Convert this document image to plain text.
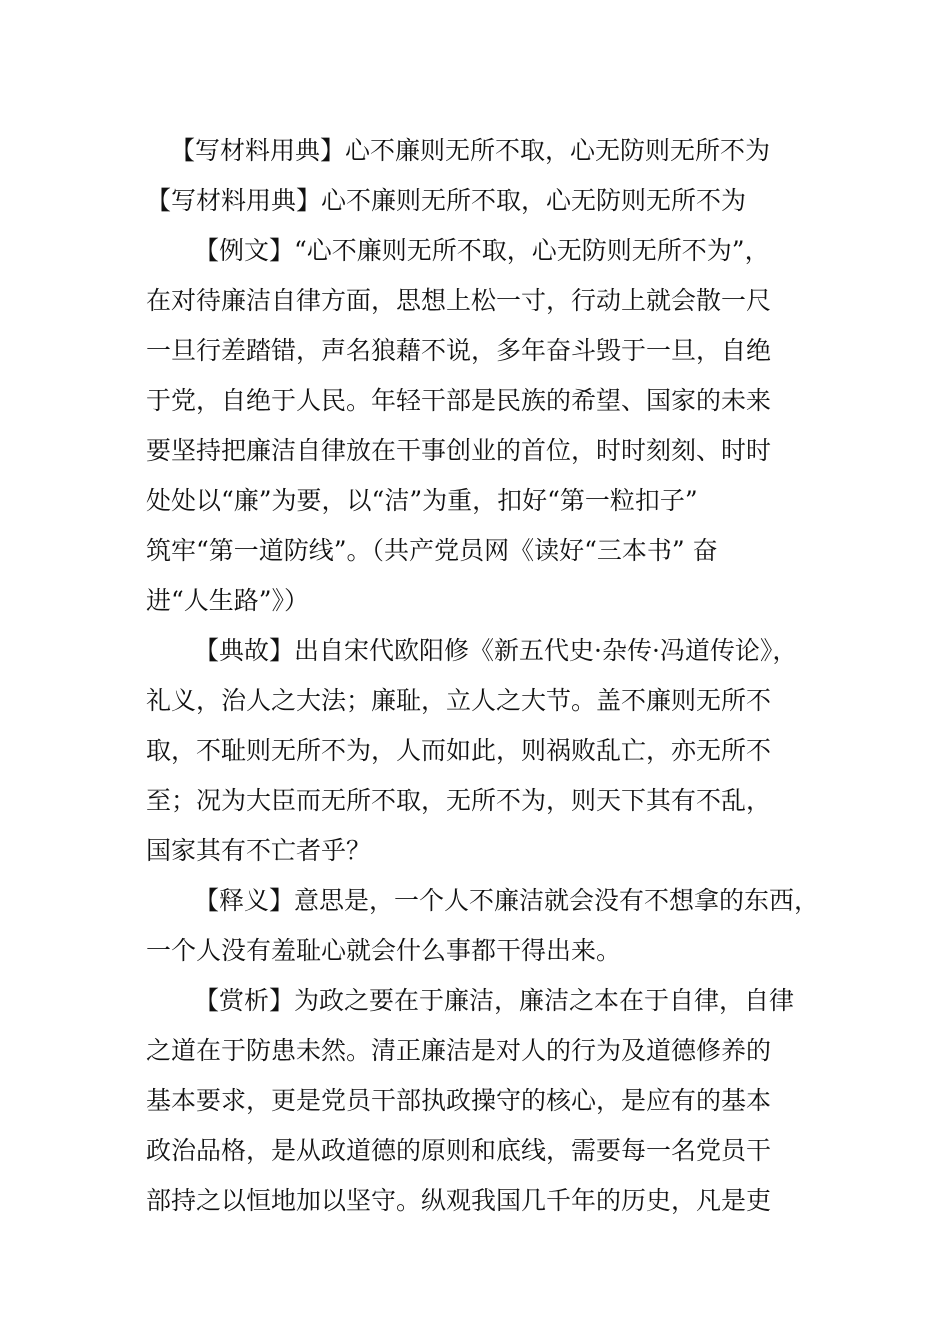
【写材料用典】心不廉则无所不取，心无防则无所不为
【写材料用典】心不廉则无所不取，心无防则无所不为
【例文】“心不廉则无所不取，心无防则无所不为”，
在对待廉洁自律方面，思想上松一寸，行动上就会散一尺
一旦行差踏错，声名狼藉不说，多年奋斗毁于一旦，自绝
于党，自绝于人民。年轻干部是民族的希望、国家的未来
要坚持把廉洁自律放在干事创业的首位，时时刻刻、时时
处处以“廉”为要，以“洁”为重，扣好“第一粒扣子”
筑牢“第一道防线”。（共产党员网《读好“三本书” 奋
进“人生路”》）
【典故】出自宋代欧阳修《新五代史·杂传·冯道传论》，
礼义，治人之大法；廉耻，立人之大节。盖不廉则无所不
取，不耻则无所不为，人而如此，则祸败乱亡，亦无所不
至；况为大臣而无所不取，无所不为，则天下其有不乱，
国家其有不亡者乎？
【释义】意思是，一个人不廉洁就会没有不想拿的东西，
一个人没有羞耻心就会什么事都干得出来。
【赏析】为政之要在于廉洁，廉洁之本在于自律，自律
之道在于防患未然。清正廉洁是对人的行为及道德修养的
基本要求，更是党员干部执政操守的核心，是应有的基本
政治品格，是从政道德的原则和底线，需要每一名党员干
部持之以恒地加以坚守。纵观我国几千年的历史，凡是吏
